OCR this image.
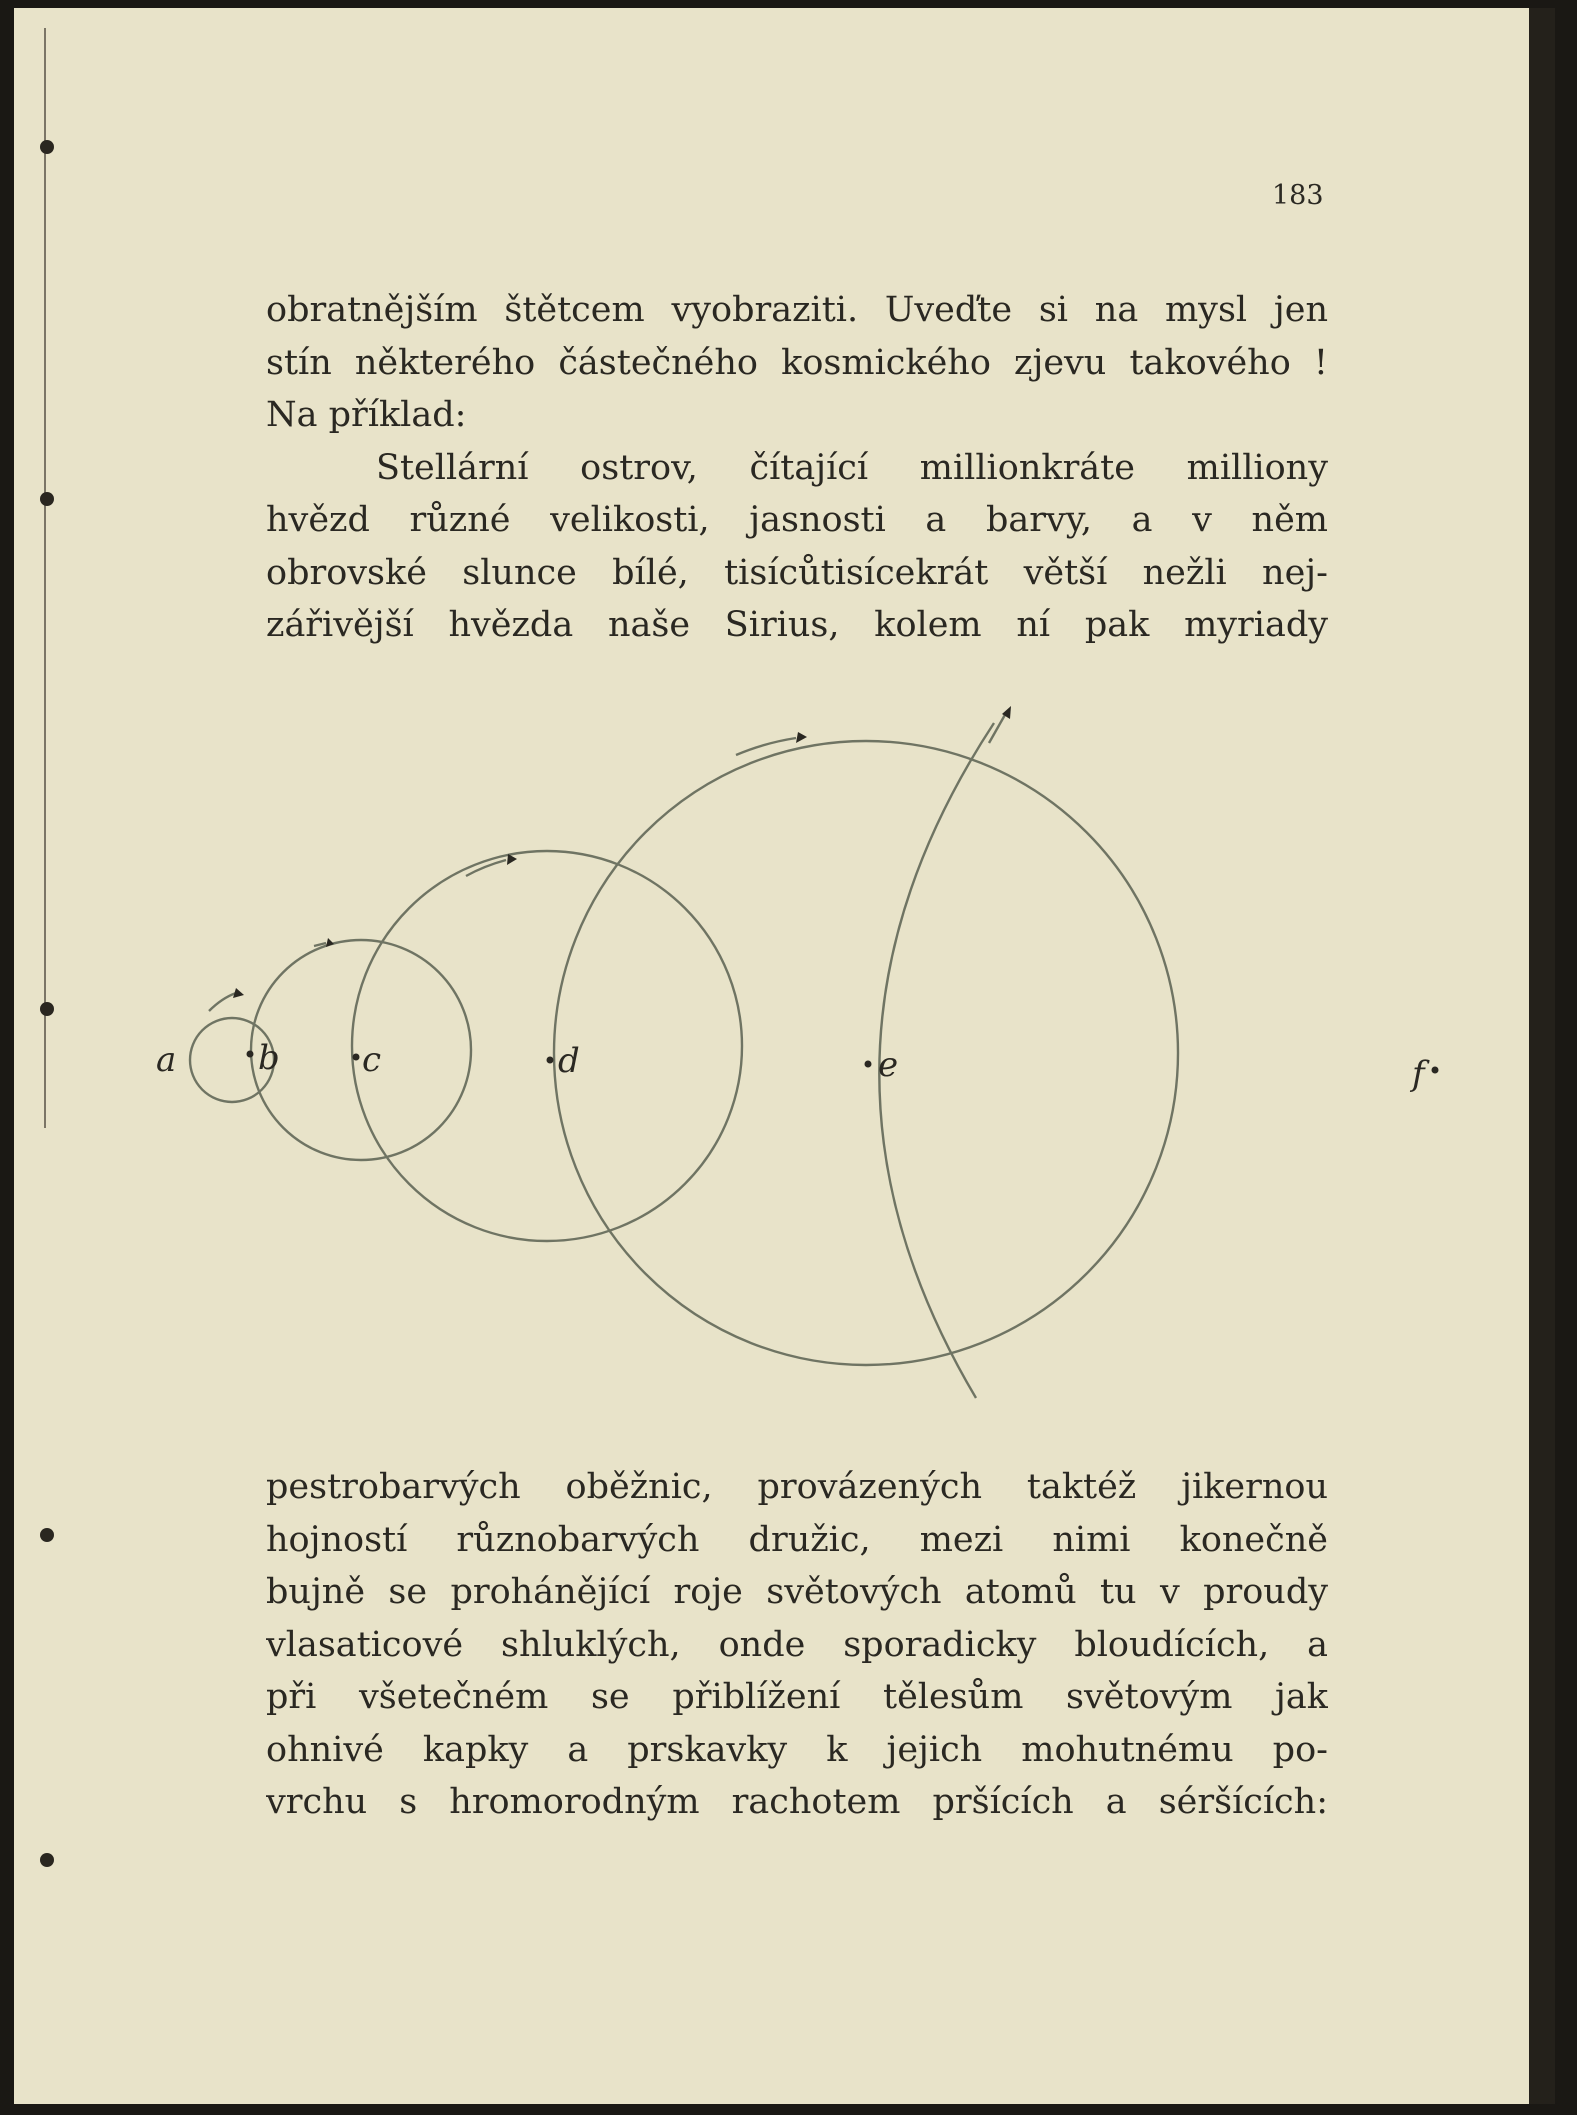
183

obratnějším štětcem vyobraziti. Uveďte si na mysl jen
stín některého částečného kosmického zjevu takového !
Na příklad:
Stellární ostrov, čítající millionkráte milliony
hvězd různé velikosti, jasnosti a barvy, a v něm
obrovské slunce bílé, tisícůtisícekrát větší nežli nej-
zářivější hvězda naše Sirius, kolem ní pak myriady

a b c	d	e	f

pestrobarvých oběžnic, provázených taktéž jikernou
hojností různobarvých družic, mezi nimi konečně
bujně se prohánějící roje světových atomů tu v proudy
vlasaticové shluklých, onde sporadicky bloudících, a
při všetečném se přiblížení tělesům světovým jak
ohnivé kapky a prskavky k jejich mohutnému po-
vrchu s hromorodným rachotem pršících a séršících:
